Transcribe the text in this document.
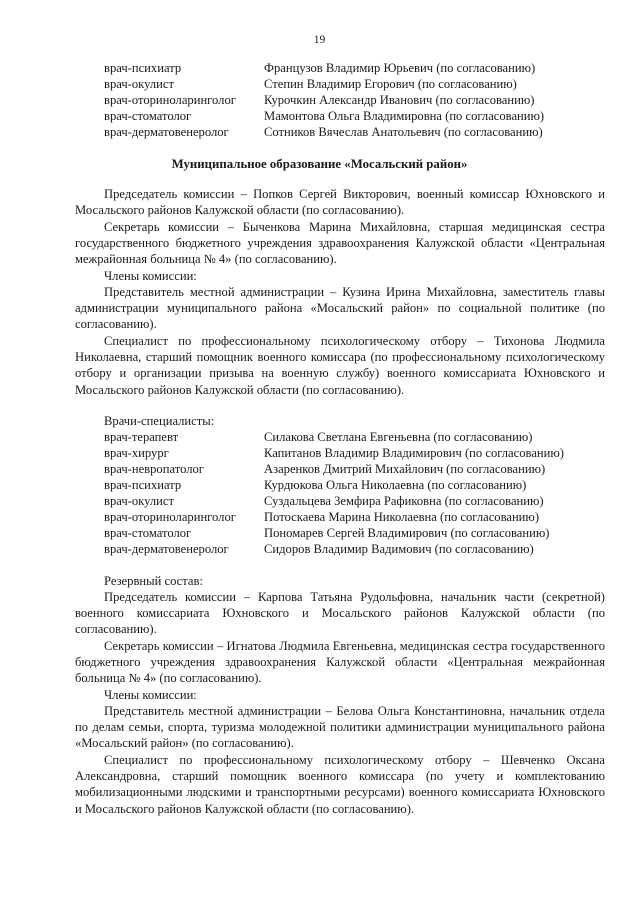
19
врач-психиатр	Французов Владимир Юрьевич (по согласованию)
врач-окулист	Степин Владимир Егорович (по согласованию)
врач-оториноларинголог Курочкин Александр Иванович (по согласованию)
врач-стоматолог	Мамонтова Ольга Владимировна (по согласованию)
врач-дерматовенеролог	Сотников Вячеслав Анатольевич (по согласованию)
Муниципальное образование «Мосальский район»
Председатель комиссии – Попков Сергей Викторович, военный комиссар Юхновского и Мосальского районов Калужской области (по согласованию).
Секретарь комиссии – Быченкова Марина Михайловна, старшая медицинская сестра государственного бюджетного учреждения здравоохранения Калужской области «Центральная межрайонная больница № 4» (по согласованию).
Члены комиссии:
Представитель местной администрации – Кузина Ирина Михайловна, заместитель главы администрации муниципального района «Мосальский район» по социальной политике (по согласованию).
Специалист по профессиональному психологическому отбору – Тихонова Людмила Николаевна, старший помощник военного комиссара (по профессиональному психологическому отбору и организации призыва на военную службу) военного комиссариата Юхновского и Мосальского районов Калужской области (по согласованию).
Врачи-специалисты:
врач-терапевт	Силакова Светлана Евгеньевна (по согласованию)
врач-хирург	Капитанов Владимир Владимирович (по согласованию)
врач-невропатолог	Азаренков Дмитрий Михайлович (по согласованию)
врач-психиатр	Курдюкова Ольга Николаевна (по согласованию)
врач-окулист	Суздальцева Земфира Рафиковна (по согласованию)
врач-оториноларинголог Потоскаева Марина Николаевна (по согласованию)
врач-стоматолог	Пономарев Сергей Владимирович (по согласованию)
врач-дерматовенеролог	Сидоров Владимир Вадимович (по согласованию)
Резервный состав:
Председатель комиссии – Карпова Татьяна Рудольфовна, начальник части (секретной) военного комиссариата Юхновского и Мосальского районов Калужской области (по согласованию).
Секретарь комиссии – Игнатова Людмила Евгеньевна, медицинская сестра государственного бюджетного учреждения здравоохранения Калужской области «Центральная межрайонная больница № 4» (по согласованию).
Члены комиссии:
Представитель местной администрации – Белова Ольга Константиновна, начальник отдела по делам семьи, спорта, туризма молодежной политики администрации муниципального района «Мосальский район» (по согласованию).
Специалист по профессиональному психологическому отбору – Шевченко Оксана Александровна, старший помощник военного комиссара (по учету и комплектованию мобилизационными людскими и транспортными ресурсами) военного комиссариата Юхновского и Мосальского районов Калужской области (по согласованию).
